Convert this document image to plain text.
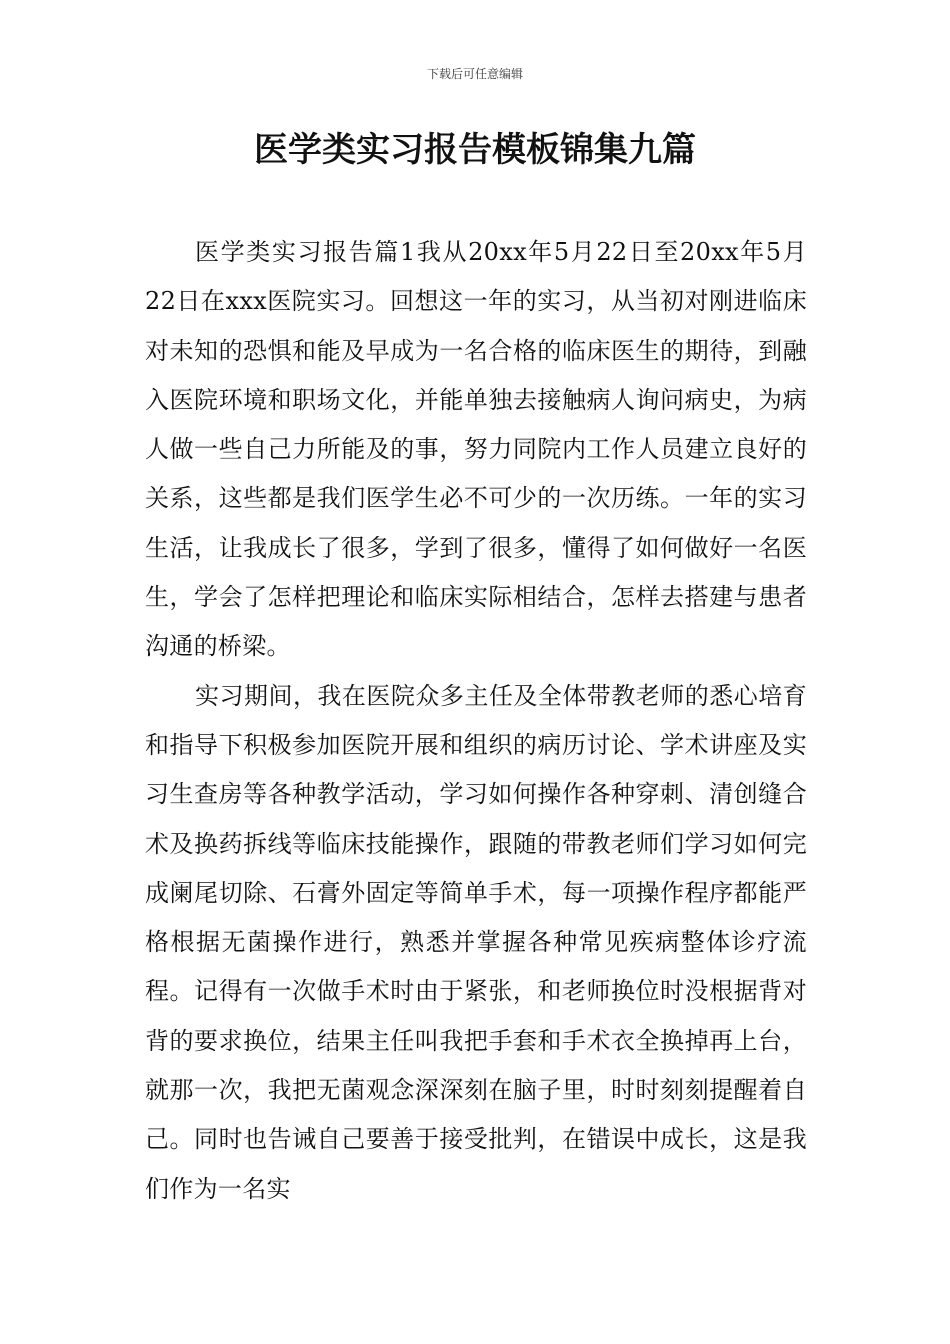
下载后可任意编辑
医学类实习报告模板锦集九篇

医学类实习报告篇1我从20xx年5月22日至20xx年5月22日在xxx医院实习。回想这一年的实习，从当初对刚进临床对未知的恐惧和能及早成为一名合格的临床医生的期待，到融入医院环境和职场文化，并能单独去接触病人询问病史，为病人做一些自己力所能及的事，努力同院内工作人员建立良好的关系，这些都是我们医学生必不可少的一次历练。一年的实习生活，让我成长了很多，学到了很多，懂得了如何做好一名医生，学会了怎样把理论和临床实际相结合，怎样去搭建与患者沟通的桥梁。

实习期间，我在医院众多主任及全体带教老师的悉心培育和指导下积极参加医院开展和组织的病历讨论、学术讲座及实习生查房等各种教学活动，学习如何操作各种穿刺、清创缝合术及换药拆线等临床技能操作，跟随的带教老师们学习如何完成阑尾切除、石膏外固定等简单手术，每一项操作程序都能严格根据无菌操作进行，熟悉并掌握各种常见疾病整体诊疗流程。记得有一次做手术时由于紧张，和老师换位时没根据背对背的要求换位，结果主任叫我把手套和手术衣全换掉再上台，就那一次，我把无菌观念深深刻在脑子里，时时刻刻提醒着自己。同时也告诫自己要善于接受批判，在错误中成长，这是我们作为一名实
